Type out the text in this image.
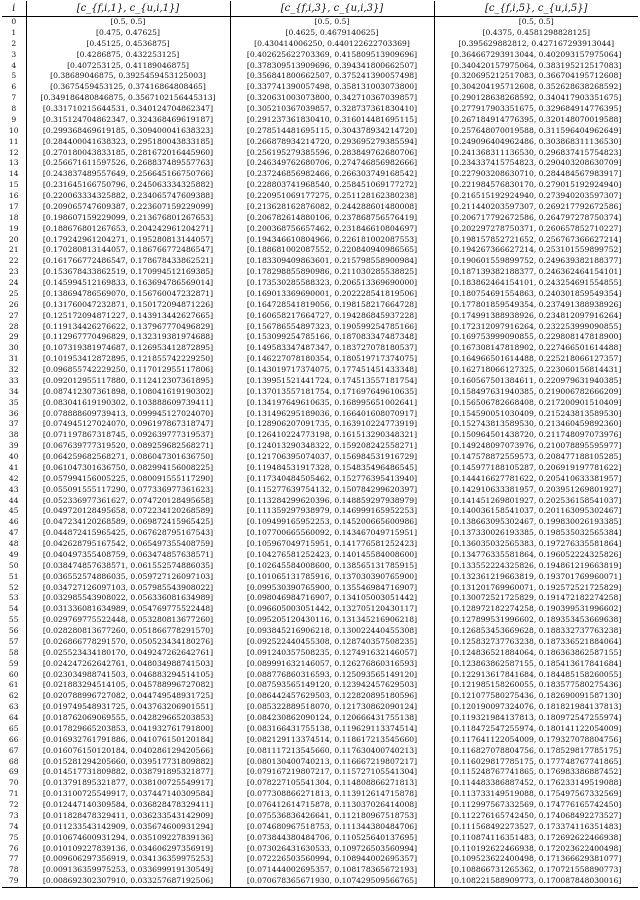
i	[c_{f,i,1}, c_{u,i,1}]	[c_{f,i,3}, c_{u,i,3}]	[c_{f,i,5}, c_{u,i,5}]
0	[0.5, 0.5]	[0.5, 0.5]	[0.5, 0.5]
1	[0.475, 0.47625]	[0.4625, 0.4679140625]	[0.4375, 0.4581298828125]
2	[0.45125, 0.4536875]	[0.430414006250, 0.440122622703369]	[0.395629882812, 0.427167293913044]
3	[0.4286875, 0.432253125]	[0.402625622703369, 0.415809513909696]	[0.364667293913044, 0.402093157975064]
4	[0.407253125, 0.41189046875]	[0.378309513909696, 0.394341800662507]	[0.340420157975064, 0.383195212517083]
5	[0.38689046875, 0.3925459453125003]	[0.356841800662507, 0.375241390057498]	[0.320695212517083, 0.366704195712608]
6	[0.3675459453125, 0.37416864808465]	[0.337741390057498, 0.358131003073800]	[0.304204195712608, 0.352628638268592]
7	[0.349186480846875, 0.3567102156445313]	[0.320631003073800, 0.342710367039857]	[0.290128638268592, 0.340417903351675]
8	[0.331710215644531, 0.340124704862347]	[0.305210367039857, 0.328737361830410]	[0.277917903351675, 0.329684914776395]
9	[0.315124704862347, 0.324368469619187]	[0.291237361830410, 0.316014481695115]	[0.267184914776395, 0.320148070019588]
10	[0.299368469619185, 0.309400041638323]	[0.278514481695115, 0.304378934214720]	[0.257648070019588, 0.311596404962649]
11	[0.284400041638323, 0.295180043833185]	[0.266878934214720, 0.293695279385594]	[0.249096404962486, 0.303868311136530]
12	[0.270180043833185, 0.281672016445960]	[0.256195279385596, 0.283849762680706]	[0.241368311136530, 0.296837415754823]
13	[0.256671611597526, 0.268837489557763]	[0.246349762680706, 0.274746856982666]	[0.234337415754823, 0.290403208630709]
14	[0.243837489557649, 0.256645166750766]	[0.237246856982466, 0.266303749168542]	[0.227903208630710, 0.284484567983917]
15	[0.231645166750796, 0.245063334325882]	[0.228803741968540, 0.258451069177272]	[0.221984576830170, 0.279015192924940]
16	[0.220063334325882, 0.234065747609388]	[0.220951069177275, 0.251128162380238]	[0.216515192924940, 0.273940203597307]
17	[0.209065747609387, 0.223607159229099]	[0.213628162876082, 0.244288601480008]	[0.211440203597307, 0.269217792672586]
18	[0.198607159229099, 0.213676801267653]	[0.206782614880106, 0.237868756576419]	[0.206717792672586, 0.264797278750374]
19	[0.188676801267653, 0.204242961204271]	[0.200368756657462, 0.231846610804697]	[0.202297278750371, 0.260657852710227]
20	[0.179242961204271, 0.195280813144057]	[0.194346610804966, 0.226181002087553]	[0.198157852721652, 0.256767366627214]
21	[0.170280813144057, 0.186766772486547]	[0.188681002087552, 0.220840940986565]	[0.194267366627214, 0.253101559899752]
22	[0.161766772486547, 0.178678433862521]	[0.183309409863601, 0.215798558900984]	[0.190601559899752, 0.249639382188377]
23	[0.153678433862519, 0.170994512169385]	[0.178298855890986, 0.211030285538825]	[0.187139382188377, 0.246362464154101]
24	[0.145994512169833, 0.163694786569014]	[0.173530285588323, 0.206513369690000]	[0.183862464154101, 0.243254691554855]
25	[0.138694786569070, 0.156760047232871]	[0.169013369690001, 0.202228541819506]	[0.180754691554863, 0.240301859549354]
26	[0.131760047232871, 0.150172094871226]	[0.164728541819056, 0.198158217664728]	[0.177801859549354, 0.237491388938926]
27	[0.125172094871227, 0.143913442627665]	[0.160658217664727, 0.194286845937228]	[0.174991388938926, 0.234812097916264]
28	[0.119134426276622, 0.137967770496829]	[0.156786554897323, 0.190599254785166]	[0.172312097916264, 0.232253999090855]
29	[0.112967770496829, 0.132319381974688]	[0.153099254785166, 0.187083347487348]	[0.169753999090855, 0.229808147818900]
30	[0.107319381974687, 0.126953412872895]	[0.149583347487347, 0.183727078180537]	[0.167308147818902, 0.227466501614488]
31	[0.101953412872895, 0.121855742229250]	[0.146227078180354, 0.180519717374075]	[0.164966501614488, 0.225218066127357]
32	[0.096855742229250, 0.117012955117806]	[0.143019717374075, 0.177451451433348]	[0.162718066127325, 0.223060156814431]
33	[0.092012955117880, 0.112412307361895]	[0.139951521441724, 0.174513557181754]	[0.160567501384611, 0.220979631940385]
34	[0.087412307361898, 0.108041619190302]	[0.137013557181754, 0.171697649610635]	[0.158497631940385, 0.219006782666209]
35	[0.083041619190302, 0.103888609739411]	[0.134197649610635, 0.168995651002641]	[0.156506782668408, 0.217200901510409]
36	[0.078888609739413, 0.099945127024070]	[0.131496295189036, 0.166401608070917]	[0.154590051030409, 0.215243813589530]
37	[0.074945127024070, 0.096197867318747]	[0.128906207091735, 0.163910224773919]	[0.152743813589530, 0.213460459892360]
38	[0.071197867318745, 0.092639777319537]	[0.126410224773198, 0.161513290348321]	[0.150964501438720, 0.211748097073976]
39	[0.067639777319520, 0.089259682568271]	[0.124013290348322, 0.159208242558271]	[0.149248097073976, 0.210078895595977]
40	[0.064259682568271, 0.086047301636750]	[0.121706395074037, 0.156984531916729]	[0.147578872559573, 0.208477188105285]
41	[0.061047301636750, 0.082994156008225]	[0.119484531917328, 0.154835496486545]	[0.145977188105287, 0.206919197781622]
42	[0.057994156005225, 0.080091555117290]	[0.117340484505462, 0.152776395413940]	[0.144416627781622, 0.205410633381957]
43	[0.055091555117290, 0.077336977361623]	[0.115277639754132, 0.150784299620397]	[0.142910633381957, 0.203951269801927]
44	[0.052336977361627, 0.074720128495658]	[0.113284299620396, 0.148859297938979]	[0.141451269801927, 0.202536158541037]
45	[0.049720128495658, 0.072234120268589]	[0.111359297938979, 0.146999165952253]	[0.140036158541037, 0.201163095302467]
46	[0.047234120268589, 0.069872415965425]	[0.109499165952253, 0.145200665600986]	[0.138663095302467, 0.199830026193385]
47	[0.044872415965425, 0.067628795167543]	[0.107700665560092, 0.143467049715951]	[0.137330026193385, 0.198535032565384]
48	[0.042628795167542, 0.065497355408759]	[0.105967049715951, 0.141776581252423]	[0.136035032565383, 0.197276335581864]
49	[0.040497355408759, 0.063474857638571]	[0.104276581252423, 0.140145584008600]	[0.134776335581864, 0.196052224325826]
50	[0.038474857638571, 0.061552574886035]	[0.102645584008600, 0.138565131785915]	[0.133552224325826, 0.194861219663819]
51	[0.036552574886035, 0.059727126097103]	[0.101065131785916, 0.137030390765900]	[0.132361219663819, 0.193701769960071]
52	[0.034727126097103, 0.057985543908022]	[0.099530390765900, 0.135546984716907]	[0.131201769960071, 0.192572521725829]
53	[0.032985543908022, 0.056336081634989]	[0.098046984716907, 0.134105003051442]	[0.130072521725829, 0.191472182274258]
54	[0.031336081634989, 0.054769775522448]	[0.096605003051442, 0.132705120430117]	[0.128972182274258, 0.190399531996602]
55	[0.029769775522448, 0.053280813677260]	[0.095205120430116, 0.131345216906218]	[0.127899531996602, 0.189353453669638]
56	[0.028280813677260, 0.051866778291570]	[0.093845216906218, 0.130022440455308]	[0.126853453669628, 0.188332737763238]
57	[0.026866778291570, 0.050523434180276]	[0.092522440455308, 0.128740357508235]	[0.125832737763238, 0.187336521884064]
58	[0.025523434180170, 0.049247262642761]	[0.091240357508235, 0.127491632146057]	[0.124836521884064, 0.186363862587155]
59	[0.024247262642761, 0.048034988741503]	[0.089991632146057, 0.126276860316593]	[0.123863862587155, 0.185413617841684]
60	[0.023034988741503, 0.046883294514105]	[0.088776860316593, 0.125093565149120]	[0.122913617841684, 0.184485158260055]
61	[0.021883294514105, 0.045788996727082]	[0.087593565149120, 0.123942457629503]	[0.121985158260055, 0.183577580275436]
62	[0.020788996727082, 0.044749548931725]	[0.086442457629503, 0.122820895180596]	[0.121077580275436, 0.182690091587130]
63	[0.019749548931725, 0.043763206901551]	[0.085322889518070, 0.121730862090124]	[0.120190097324076, 0.181821984137813]
64	[0.018762069069555, 0.042829665203853]	[0.084230862090124, 0.120666431755138]	[0.119321984137813, 0.180972547255974]
65	[0.017829665203853, 0.041932761791800]	[0.083166431755138, 0.119629113374514]	[0.118472547255974, 0.180141122054009]
66	[0.016932761791886, 0.041076150120184]	[0.082129113374514, 0.118617213545660]	[0.117641122054009, 0.179327078804756]
67	[0.016076150120184, 0.040286129420566]	[0.081117213545660, 0.117630400740213]	[0.116827078804756, 0.178529817785175]
68	[0.015281294205660, 0.039517731809882]	[0.080130400740213, 0.116667219807217]	[0.116029817785175, 0.177748767741865]
69	[0.014517731809882, 0.038791895321877]	[0.079167219807217, 0.115727105541304]	[0.115248767741865, 0.176983386887452]
70	[0.013791895321877, 0.038100725549917]	[0.078227105541304, 0.114808866271813]	[0.114483386887452, 0.176233149519088]
71	[0.013100725549917, 0.037447140309584]	[0.077308866271813, 0.113912614715878]	[0.113733149519088, 0.175497567332569]
72	[0.012447140309584, 0.036828478329411]	[0.076412614715878, 0.113037026414008]	[0.112997567332569, 0.174776165742450]
73	[0.011828478329411, 0.036233543142909]	[0.075536836426641, 0.112180967518753]	[0.112276165742450, 0.174068492273527]
74	[0.011233543142909, 0.035674600931294]	[0.074680967518753, 0.111344380484706]	[0.111568492273527, 0.173374116351483]
75	[0.010674600931294, 0.035109227839136]	[0.073844380484706, 0.110525640137695]	[0.110874116351483, 0.172692622466938]
76	[0.010109227839136, 0.034606297356919]	[0.073026431630533, 0.109726503560994]	[0.110192622466938, 0.172023622400498]
77	[0.009606297356919, 0.034136359975253]	[0.072226503560994, 0.108944002695357]	[0.109523622400498, 0.171366629381077]
78	[0.009136359975253, 0.033699919130549]	[0.071444002695357, 0.108178365672193]	[0.108866731265362, 0.170721558890773]
79	[0.008692302307910, 0.033257687192506]	[0.070678365671930, 0.107429509566765]	[0.108221588909773, 0.170087848030016]
